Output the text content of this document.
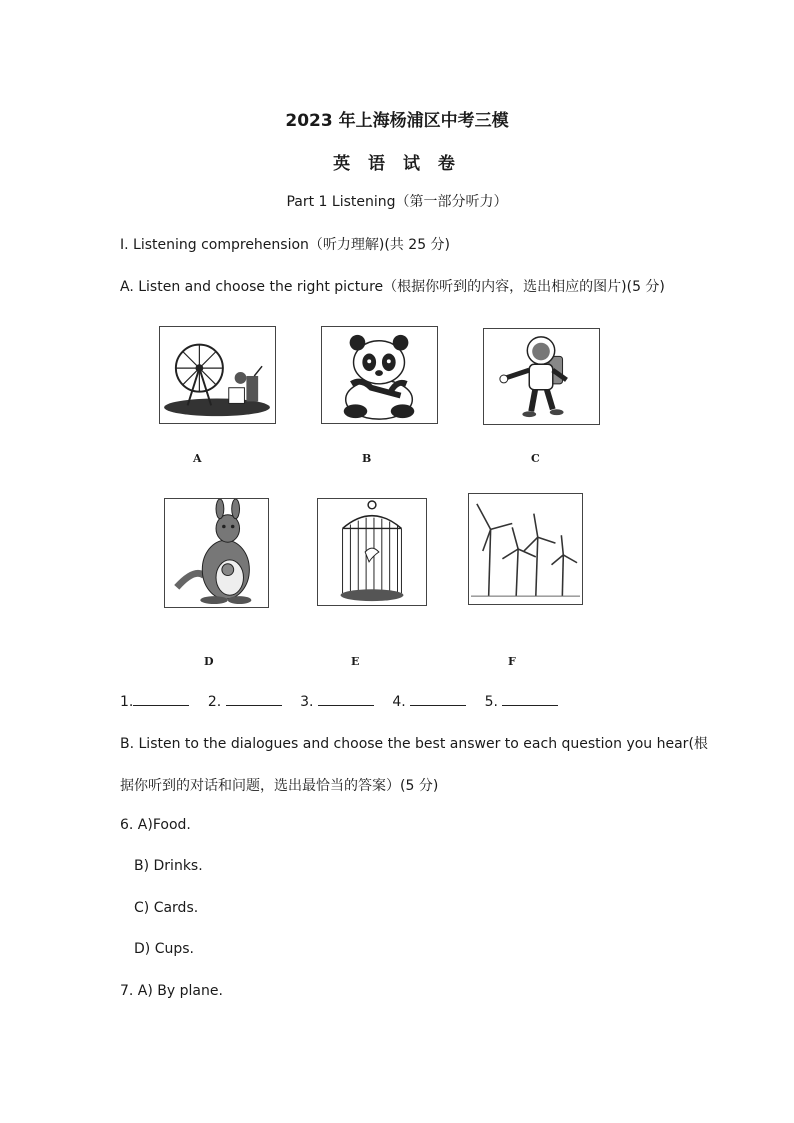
2023 年上海杨浦区中考三模
英 语 试 卷
Part 1 Listening（第一部分听力）
I. Listening comprehension（听力理解)(共 25 分)
A. Listen and choose the right picture（根据你听到的内容，选出相应的图片)(5 分)
A	B	C
D	E	F
1.	2.	3.	4.	5.
B. Listen to the dialogues and choose the best answer to each question you hear(根
据你听到的对话和问题，选出最恰当的答案）(5 分)
6. A)Food.
B) Drinks.
C) Cards.
D) Cups.
7. A) By plane.
